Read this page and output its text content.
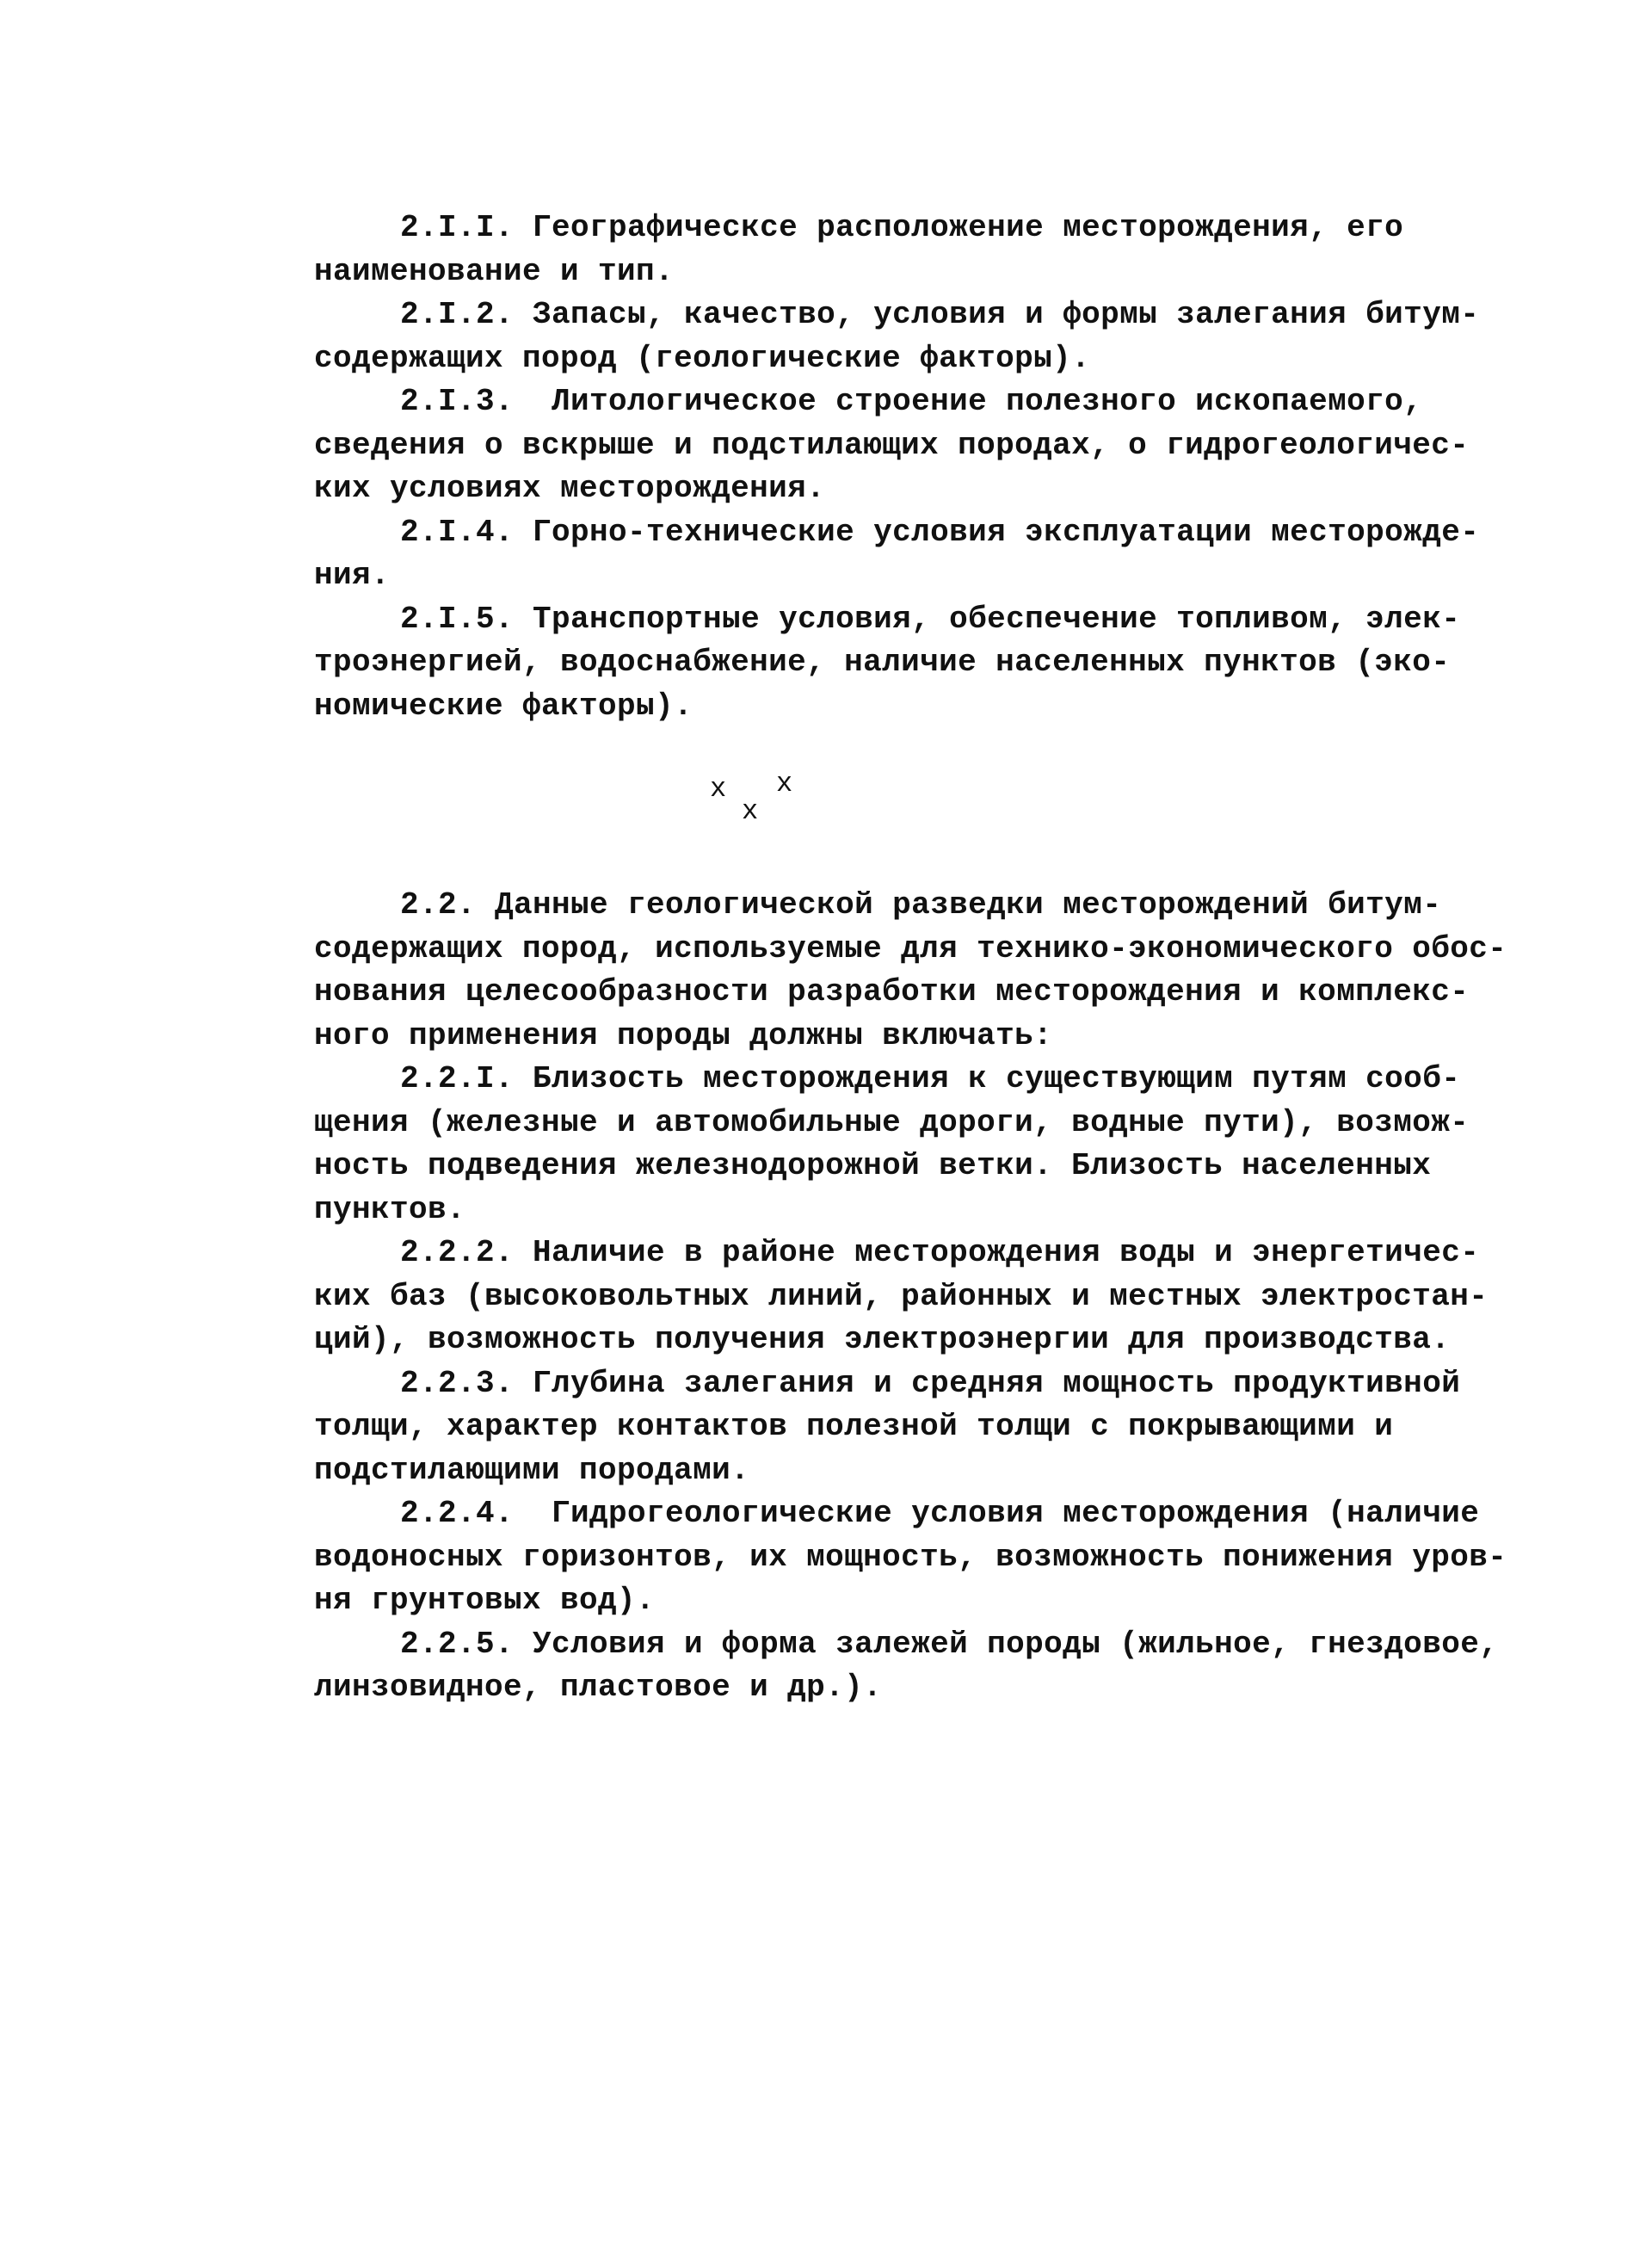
2.I.I. Географическсе расположение месторождения, его
наименование и тип.
2.I.2. Запасы, качество, условия и формы залегания битум-
содержащих пород (геологические факторы).
2.I.3.  Литологическое строение полезного ископаемого,
сведения о вскрыше и подстилающих породах, о гидрогеологичес-
ких условиях месторождения.
2.I.4. Горно-технические условия эксплуатации месторожде-
ния.
2.I.5. Транспортные условия, обеспечение топливом, элек-
троэнергией, водоснабжение, наличие населенных пунктов (эко-
номические факторы).
x
x
x
2.2. Данные геологической разведки месторождений битум-
содержащих пород, используемые для технико-экономического обос-
нования целесообразности разработки месторождения и комплекс-
ного применения породы должны включать:
2.2.I. Близость месторождения к существующим путям сооб-
щения (железные и автомобильные дороги, водные пути), возмож-
ность подведения железнодорожной ветки. Близость населенных
пунктов.
2.2.2. Наличие в районе месторождения воды и энергетичес-
ких баз (высоковольтных линий, районных и местных электростан-
ций), возможность получения электроэнергии для производства.
2.2.3. Глубина залегания и средняя мощность продуктивной
толщи, характер контактов полезной толщи с покрывающими и
подстилающими породами.
2.2.4.  Гидрогеологические условия месторождения (наличие
водоносных горизонтов, их мощность, возможность понижения уров-
ня грунтовых вод).
2.2.5. Условия и форма залежей породы (жильное, гнездовое,
линзовидное, пластовое и др.).
